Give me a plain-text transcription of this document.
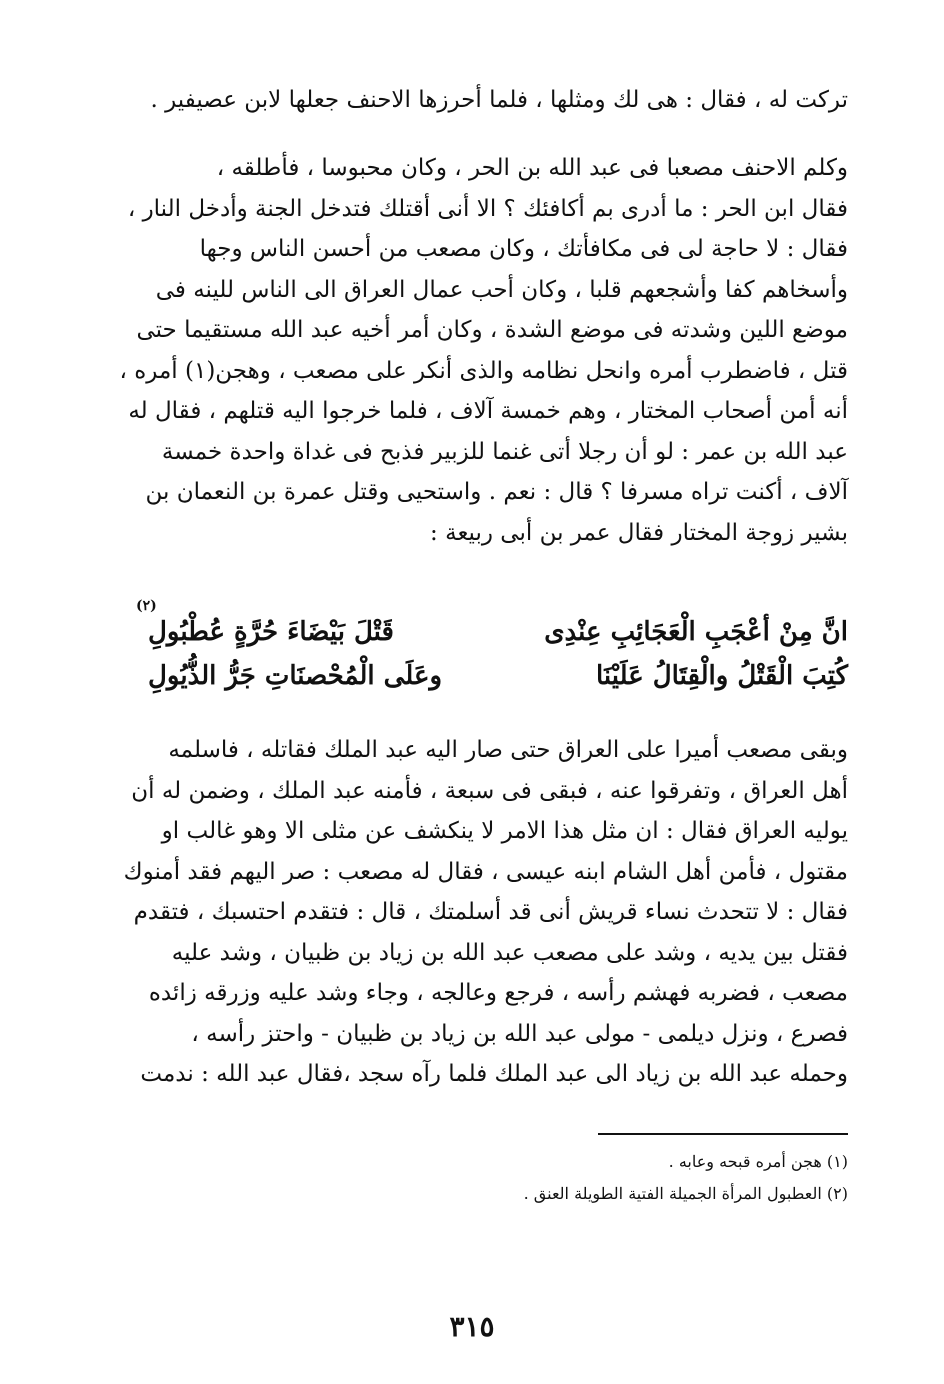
تركت له ، فقال : هى لك ومثلها ، فلما أحرزها الاحنف جعلها لابن عصيفير .
وكلم الاحنف مصعبا فى عبد الله بن الحر ، وكان محبوسا ، فأطلقه ،
فقال ابن الحر : ما أدرى بم أكافئك ؟ الا أنى أقتلك فتدخل الجنة وأدخل النار ،
فقال : لا حاجة لى فى مكافأتك ، وكان مصعب من أحسن الناس وجها
وأسخاهم كفا وأشجعهم قلبا ، وكان أحب عمال العراق الى الناس للينه فى
موضع اللين وشدته فى موضع الشدة ، وكان أمر أخيه عبد الله مستقيما حتى
قتل ، فاضطرب أمره وانحل نظامه والذى أنكر على مصعب ، وهجن(١) أمره ،
أنه أمن أصحاب المختار ، وهم خمسة آلاف ، فلما خرجوا اليه قتلهم ، فقال له
عبد الله بن عمر : لو أن رجلا أتى غنما للزبير فذبح فى غداة واحدة خمسة
آلاف ، أكنت تراه مسرفا ؟ قال : نعم . واستحيى وقتل عمرة بن النعمان بن
بشير زوجة المختار فقال عمر بن أبى ربيعة :
(٢)
انَّ مِنْ أعْجَبِ الْعَجَائِبِ عِنْدِى
قَتْلَ بَيْضَاءَ حُرَّةٍ عُطْبُولِ
كُتِبَ الْقَتْلُ والْقِتَالُ عَلَيْنَا
وعَلَى الْمُحْصنَاتِ جَرُّ الذُّيُولِ
وبقى مصعب أميرا على العراق حتى صار اليه عبد الملك فقاتله ، فاسلمه
أهل العراق ، وتفرقوا عنه ، فبقى فى سبعة ، فأمنه عبد الملك ، وضمن له أن
يوليه العراق فقال : ان مثل هذا الامر لا ينكشف عن مثلى الا وهو غالب او
مقتول ، فأمن أهل الشام ابنه عيسى ، فقال له مصعب : صر اليهم فقد أمنوك
فقال : لا تتحدث نساء قريش أنى قد أسلمتك ، قال : فتقدم احتسبك ، فتقدم
فقتل بين يديه ، وشد على مصعب عبد الله بن زياد بن ظبيان ، وشد عليه
مصعب ، فضربه فهشم رأسه ، فرجع وعالجه ، وجاء وشد عليه وزرقه زائده
فصرع ، ونزل ديلمى - مولى عبد الله بن زياد بن ظبيان - واحتز رأسه ،
وحمله عبد الله بن زياد الى عبد الملك فلما رآه سجد ،فقال عبد الله : ندمت
(١) هجن أمره قبحه وعابه .
(٢) العطبول المرأة الجميلة الفتية الطويلة العنق .
٣١٥
